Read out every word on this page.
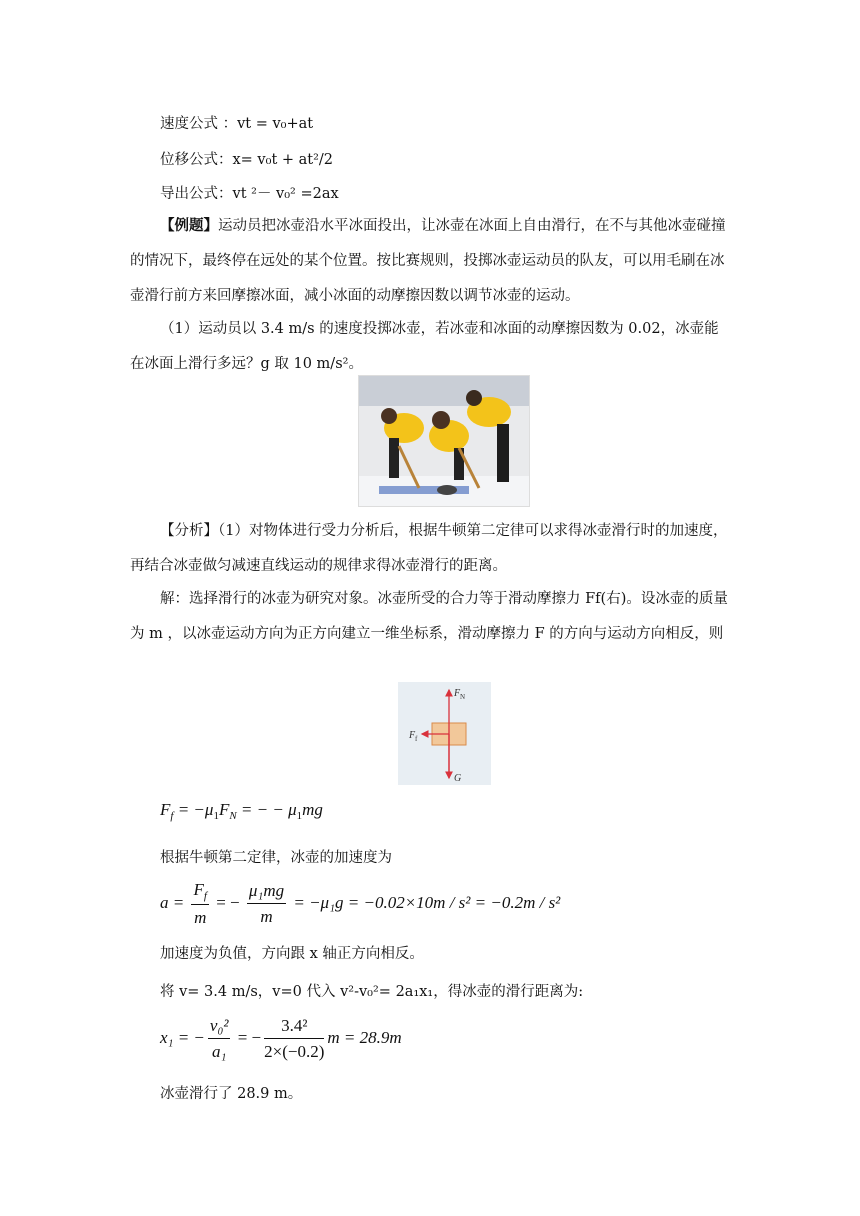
速度公式 ：vt = v₀+at
位移公式：x= v₀t + at²/2
导出公式：vt ²－ v₀² =2ax
【例题】运动员把冰壶沿水平冰面投出，让冰壶在冰面上自由滑行，在不与其他冰壶碰撞的情况下，最终停在远处的某个位置。按比赛规则，投掷冰壶运动员的队友，可以用毛刷在冰壶滑行前方来回摩擦冰面，减小冰面的动摩擦因数以调节冰壶的运动。
（1）运动员以 3.4 m/s 的速度投掷冰壶，若冰壶和冰面的动摩擦因数为 0.02，冰壶能在冰面上滑行多远？g 取 10 m/s²。
【分析】（1）对物体进行受力分析后，根据牛顿第二定律可以求得冰壶滑行时的加速度，再结合冰壶做匀减速直线运动的规律求得冰壶滑行的距离。
解：选择滑行的冰壶为研究对象。冰壶所受的合力等于滑动摩擦力 Ff(右)。设冰壶的质量为 m ，以冰壶运动方向为正方向建立一维坐标系，滑动摩擦力 F 的方向与运动方向相反，则
F N
F f
G
$F_f = -\mu_1F_N$ = − − $\mu_1mg$
根据牛顿第二定律，冰壶的加速度为
$a = \frac{F_f}{m}$ = − $\frac{\text{μ₁mg}}{m} = -\mu_1g = -0.02\times 10m / s^2 = -0.2m / s^2$
加速度为负值，方向跟 x 轴正方向相反。
将 v= 3.4 m/s，v=0 代入 v²-v₀²= 2a₁x₁，得冰壶的滑行距离为:
x₁ = − $\frac{\text{v₀²}}{\text{a₁}}$ = − $\frac{\text{3.4²}}{2\times(-0.2)}$ m = 28.9m
冰壶滑行了 28.9 m。
